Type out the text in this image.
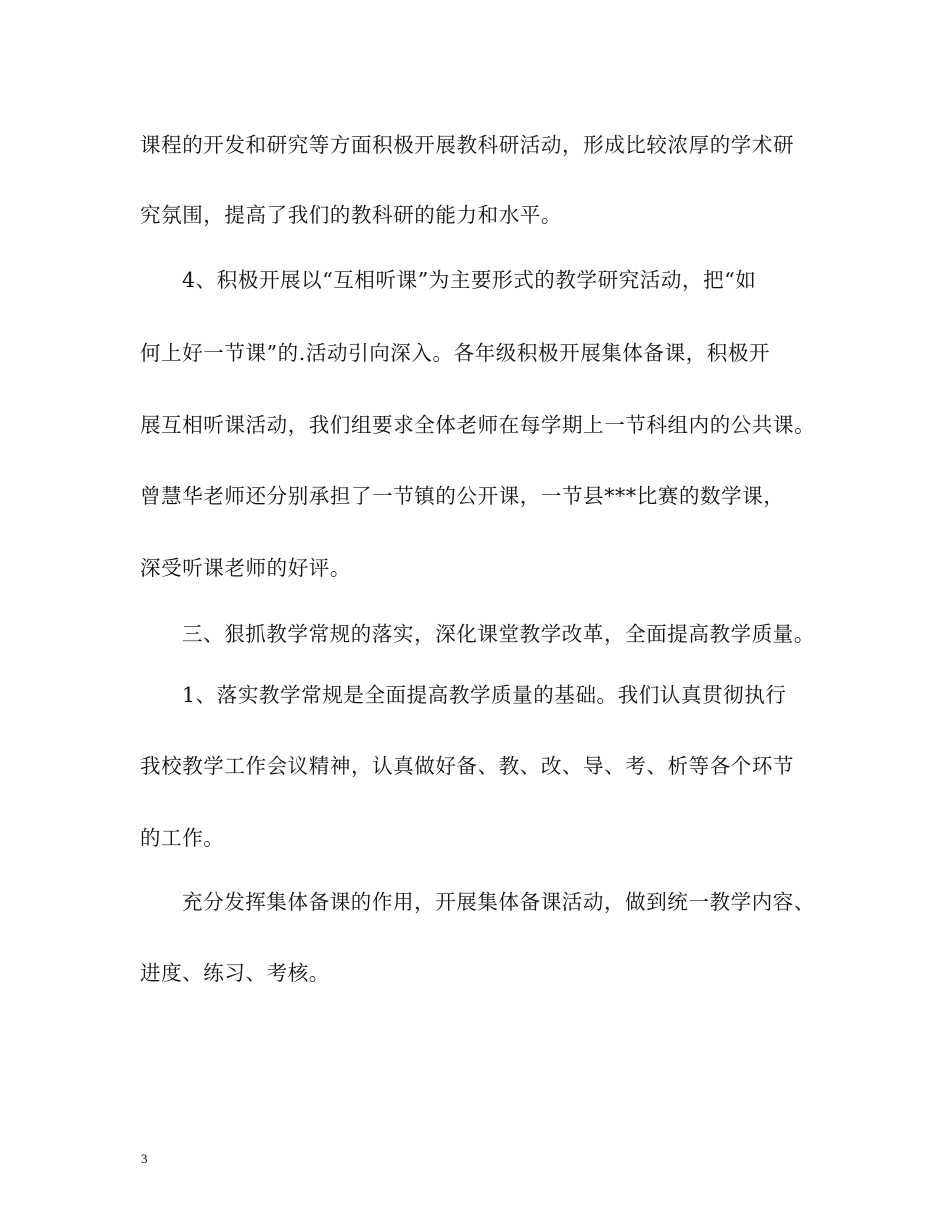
课程的开发和研究等方面积极开展教科研活动，形成比较浓厚的学术研
究氛围，提高了我们的教科研的能力和水平。
4、积极开展以“互相听课”为主要形式的教学研究活动，把“如
何上好一节课”的.活动引向深入。各年级积极开展集体备课，积极开
展互相听课活动，我们组要求全体老师在每学期上一节科组内的公共课。
曾慧华老师还分别承担了一节镇的公开课，一节县***比赛的数学课，
深受听课老师的好评。
三、狠抓教学常规的落实，深化课堂教学改革，全面提高教学质量。
1、落实教学常规是全面提高教学质量的基础。我们认真贯彻执行
我校教学工作会议精神，认真做好备、教、改、导、考、析等各个环节
的工作。
充分发挥集体备课的作用，开展集体备课活动，做到统一教学内容、
进度、练习、考核。
3
